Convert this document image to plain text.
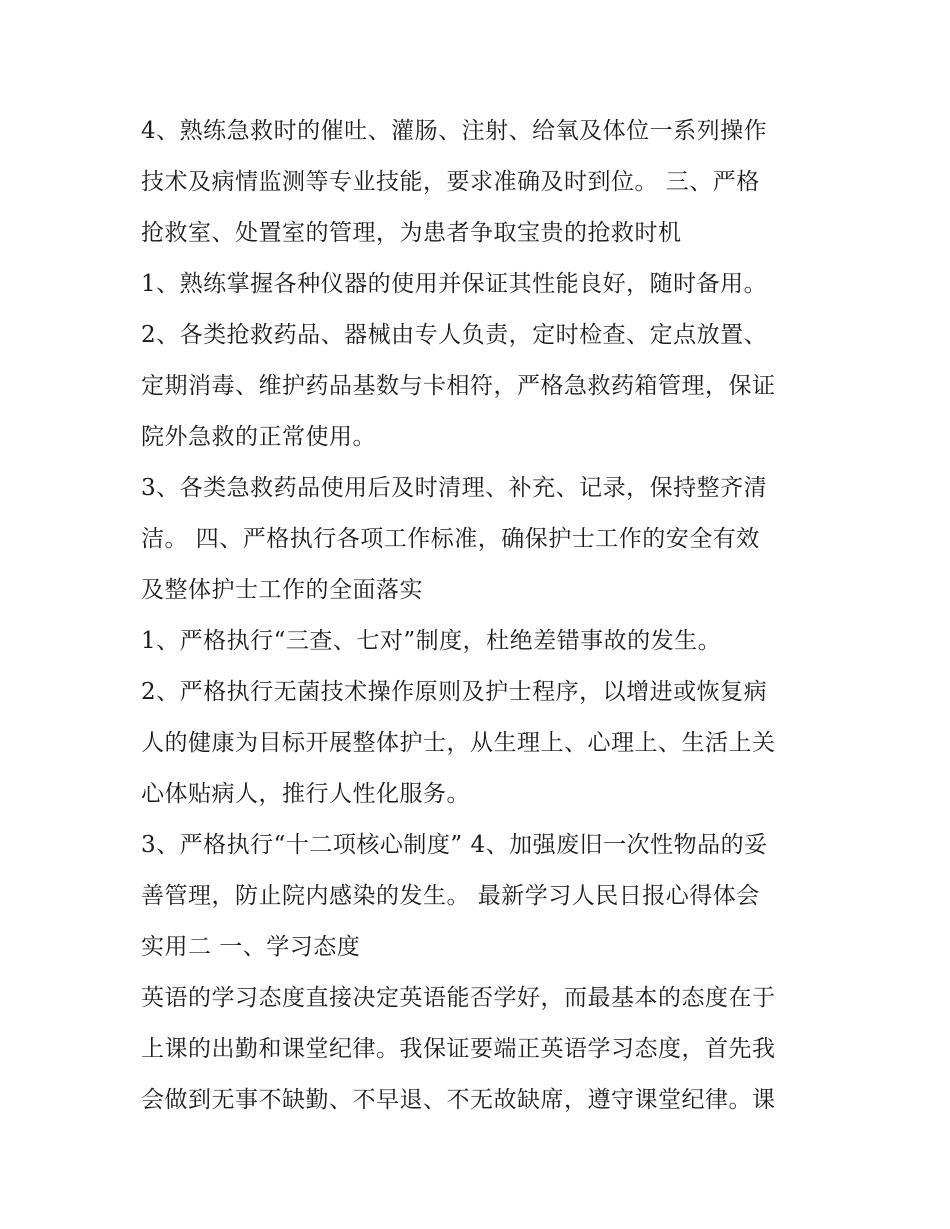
4、熟练急救时的催吐、灌肠、注射、给氧及体位一系列操作
技术及病情监测等专业技能，要求准确及时到位。 三、严格
抢救室、处置室的管理，为患者争取宝贵的抢救时机
1、熟练掌握各种仪器的使用并保证其性能良好，随时备用。
2、各类抢救药品、器械由专人负责，定时检查、定点放置、
定期消毒、维护药品基数与卡相符，严格急救药箱管理，保证
院外急救的正常使用。
3、各类急救药品使用后及时清理、补充、记录，保持整齐清
洁。 四、严格执行各项工作标准，确保护士工作的安全有效
及整体护士工作的全面落实
1、严格执行“三查、七对”制度，杜绝差错事故的发生。
2、严格执行无菌技术操作原则及护士程序，以增进或恢复病
人的健康为目标开展整体护士，从生理上、心理上、生活上关
心体贴病人，推行人性化服务。
3、严格执行“十二项核心制度” 4、加强废旧一次性物品的妥
善管理，防止院内感染的发生。 最新学习人民日报心得体会
实用二 一、学习态度
英语的学习态度直接决定英语能否学好，而最基本的态度在于
上课的出勤和课堂纪律。我保证要端正英语学习态度，首先我
会做到无事不缺勤、不早退、不无故缺席，遵守课堂纪律。课
